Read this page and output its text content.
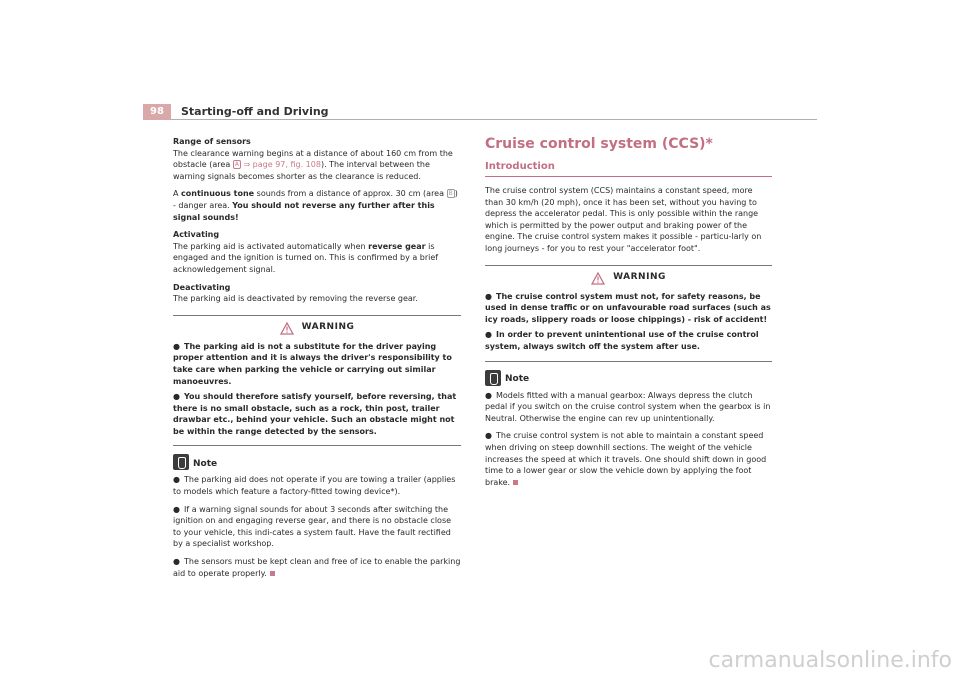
98	Starting-off and Driving

Range of sensors

The clearance warning begins at a distance of about 160 cm from the obstacle (area A ⇒ page 97, fig. 108). The interval between the warning signals becomes shorter as the clearance is reduced.

A continuous tone sounds from a distance of approx. 30 cm (area B ) - danger area. You should not reverse any further after this signal sounds!

Activating

The parking aid is activated automatically when reverse gear is engaged and the ignition is turned on. This is confirmed by a brief acknowledgement signal.

Deactivating

The parking aid is deactivated by removing the reverse gear.

WARNING

● The parking aid is not a substitute for the driver paying proper attention and it is always the driver's responsibility to take care when parking the vehicle or carrying out similar manoeuvres.

● You should therefore satisfy yourself, before reversing, that there is no small obstacle, such as a rock, thin post, trailer drawbar etc., behind your vehicle. Such an obstacle might not be within the range detected by the sensors.

Note

● The parking aid does not operate if you are towing a trailer (applies to models which feature a factory-fitted towing device*).

● If a warning signal sounds for about 3 seconds after switching the ignition on and engaging reverse gear, and there is no obstacle close to your vehicle, this indi-cates a system fault. Have the fault rectified by a specialist workshop.

● The sensors must be kept clean and free of ice to enable the parking aid to operate properly.

Cruise control system (CCS)*
Introduction

The cruise control system (CCS) maintains a constant speed, more than 30 km/h (20 mph), once it has been set, without you having to depress the accelerator pedal. This is only possible within the range which is permitted by the power output and braking power of the engine. The cruise control system makes it possible - particu-larly on long journeys - for you to rest your "accelerator foot".

WARNING

● The cruise control system must not, for safety reasons, be used in dense traffic or on unfavourable road surfaces (such as icy roads, slippery roads or loose chippings) - risk of accident!

● In order to prevent unintentional use of the cruise control system, always switch off the system after use.

Note

● Models fitted with a manual gearbox: Always depress the clutch pedal if you switch on the cruise control system when the gearbox is in Neutral. Otherwise the engine can rev up unintentionally.

● The cruise control system is not able to maintain a constant speed when driving on steep downhill sections. The weight of the vehicle increases the speed at which it travels. One should shift down in good time to a lower gear or slow the vehicle down by applying the foot brake.

carmanualsonline.info
